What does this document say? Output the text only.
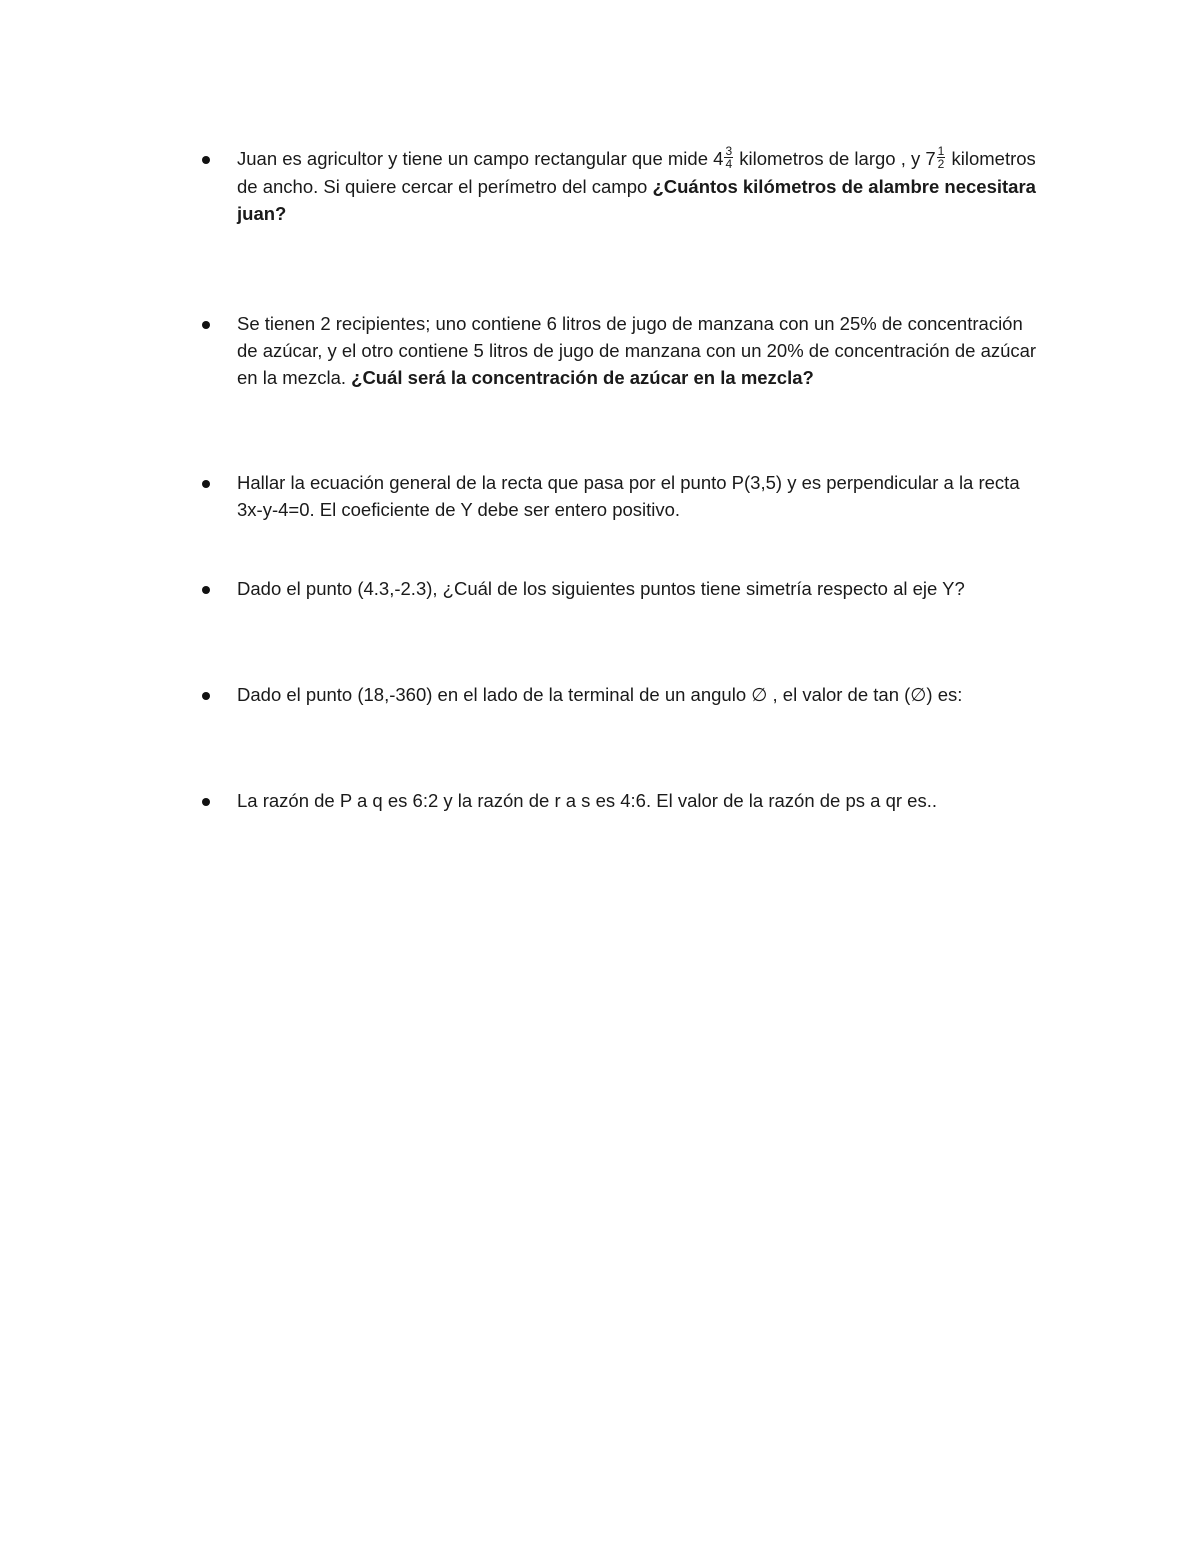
Juan es agricultor y tiene un campo rectangular que mide $4 \frac{3}{4}$ kilometros de largo , y $7 \frac{1}{2}$ kilometros de ancho. Si quiere cercar el perímetro del campo ¿Cuántos kilómetros de alambre necesitara juan?
Se tienen 2 recipientes; uno contiene 6 litros de jugo de manzana con un 25% de concentración de azúcar, y el otro contiene 5 litros de jugo de manzana con un 20% de concentración de azúcar en la mezcla. ¿Cuál será la concentración de azúcar en la mezcla?
Hallar la ecuación general de la recta que pasa por el punto P(3,5) y es perpendicular a la recta 3x-y-4=0. El coeficiente de Y debe ser entero positivo.
Dado el punto (4.3,-2.3), ¿Cuál de los siguientes puntos tiene simetría respecto al eje Y?
Dado el punto (18,-360) en el lado de la terminal de un angulo ∅ , el valor de tan (∅) es:
La razón de P a q es 6:2 y la razón de r a s es 4:6. El valor de la razón de ps a qr es..
